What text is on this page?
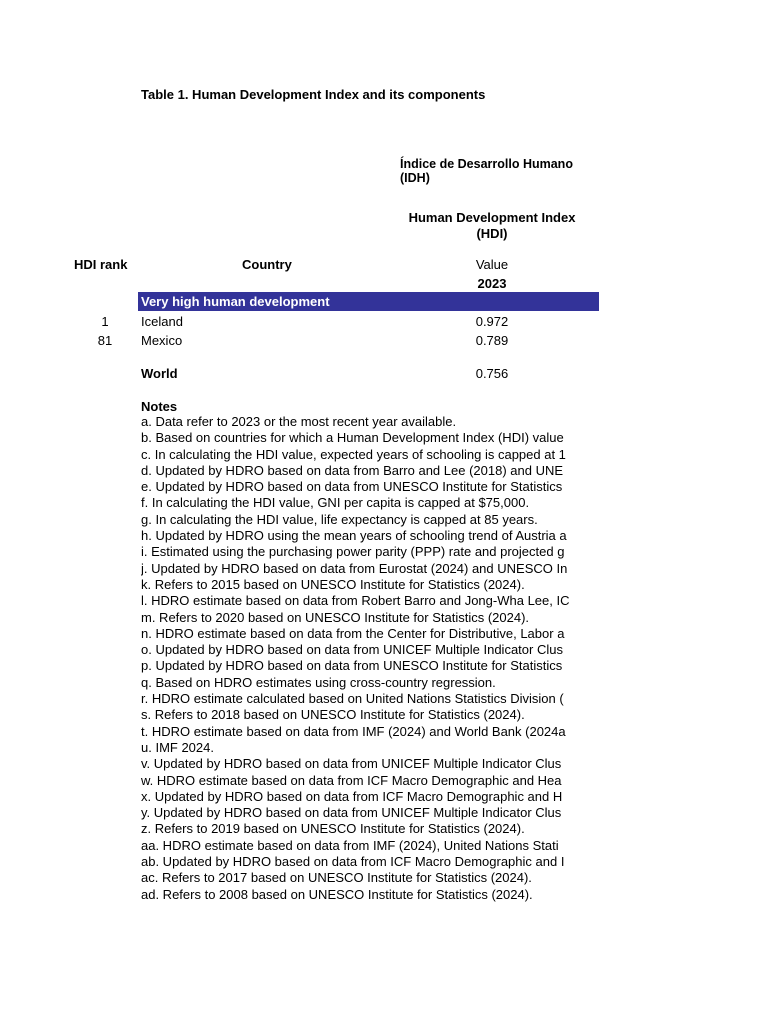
Table 1. Human Development Index and its components
Índice de Desarrollo Humano (IDH)
Human Development Index (HDI)
HDI rank	Country	Value
2023
Very high human development
1	Iceland	0.972
81	Mexico	0.789
World	0.756
Notes
a. Data refer to 2023 or the most recent year available.
b. Based on countries for which a Human Development Index (HDI) value
c. In calculating the HDI value, expected years of schooling is capped at 1
d. Updated by HDRO based on data from Barro and Lee (2018) and UNE
e. Updated by HDRO based on data from UNESCO Institute for Statistics
f. In calculating the HDI value, GNI per capita is capped at $75,000.
g. In calculating the HDI value, life expectancy is capped at 85 years.
h. Updated by HDRO using the mean years of schooling trend of Austria a
i. Estimated using the purchasing power parity (PPP) rate and projected g
j. Updated by HDRO based on data from Eurostat (2024) and UNESCO In
k. Refers to 2015 based on UNESCO Institute for Statistics (2024).
l. HDRO estimate based on data from Robert Barro and Jong-Wha Lee, IC
m. Refers to 2020 based on UNESCO Institute for Statistics (2024).
n. HDRO estimate based on data from the Center for Distributive, Labor a
o. Updated by HDRO based on data from UNICEF Multiple Indicator Clus
p. Updated by HDRO based on data from UNESCO Institute for Statistics
q. Based on HDRO estimates using cross-country regression.
r. HDRO estimate calculated based on United Nations Statistics Division (
s. Refers to 2018 based on UNESCO Institute for Statistics (2024).
t. HDRO estimate based on data from IMF (2024) and World Bank (2024a
u. IMF 2024.
v. Updated by HDRO based on data from UNICEF Multiple Indicator Clus
w. HDRO estimate based on data from ICF Macro Demographic and Hea
x. Updated by HDRO based on data from ICF Macro Demographic and H
y. Updated by HDRO based on data from UNICEF Multiple Indicator Clus
z. Refers to 2019 based on UNESCO Institute for Statistics (2024).
aa. HDRO estimate based on data from IMF (2024), United Nations Stati
ab. Updated by HDRO based on data from ICF Macro Demographic and I
ac. Refers to 2017 based on UNESCO Institute for Statistics (2024).
ad. Refers to 2008 based on UNESCO Institute for Statistics (2024).
